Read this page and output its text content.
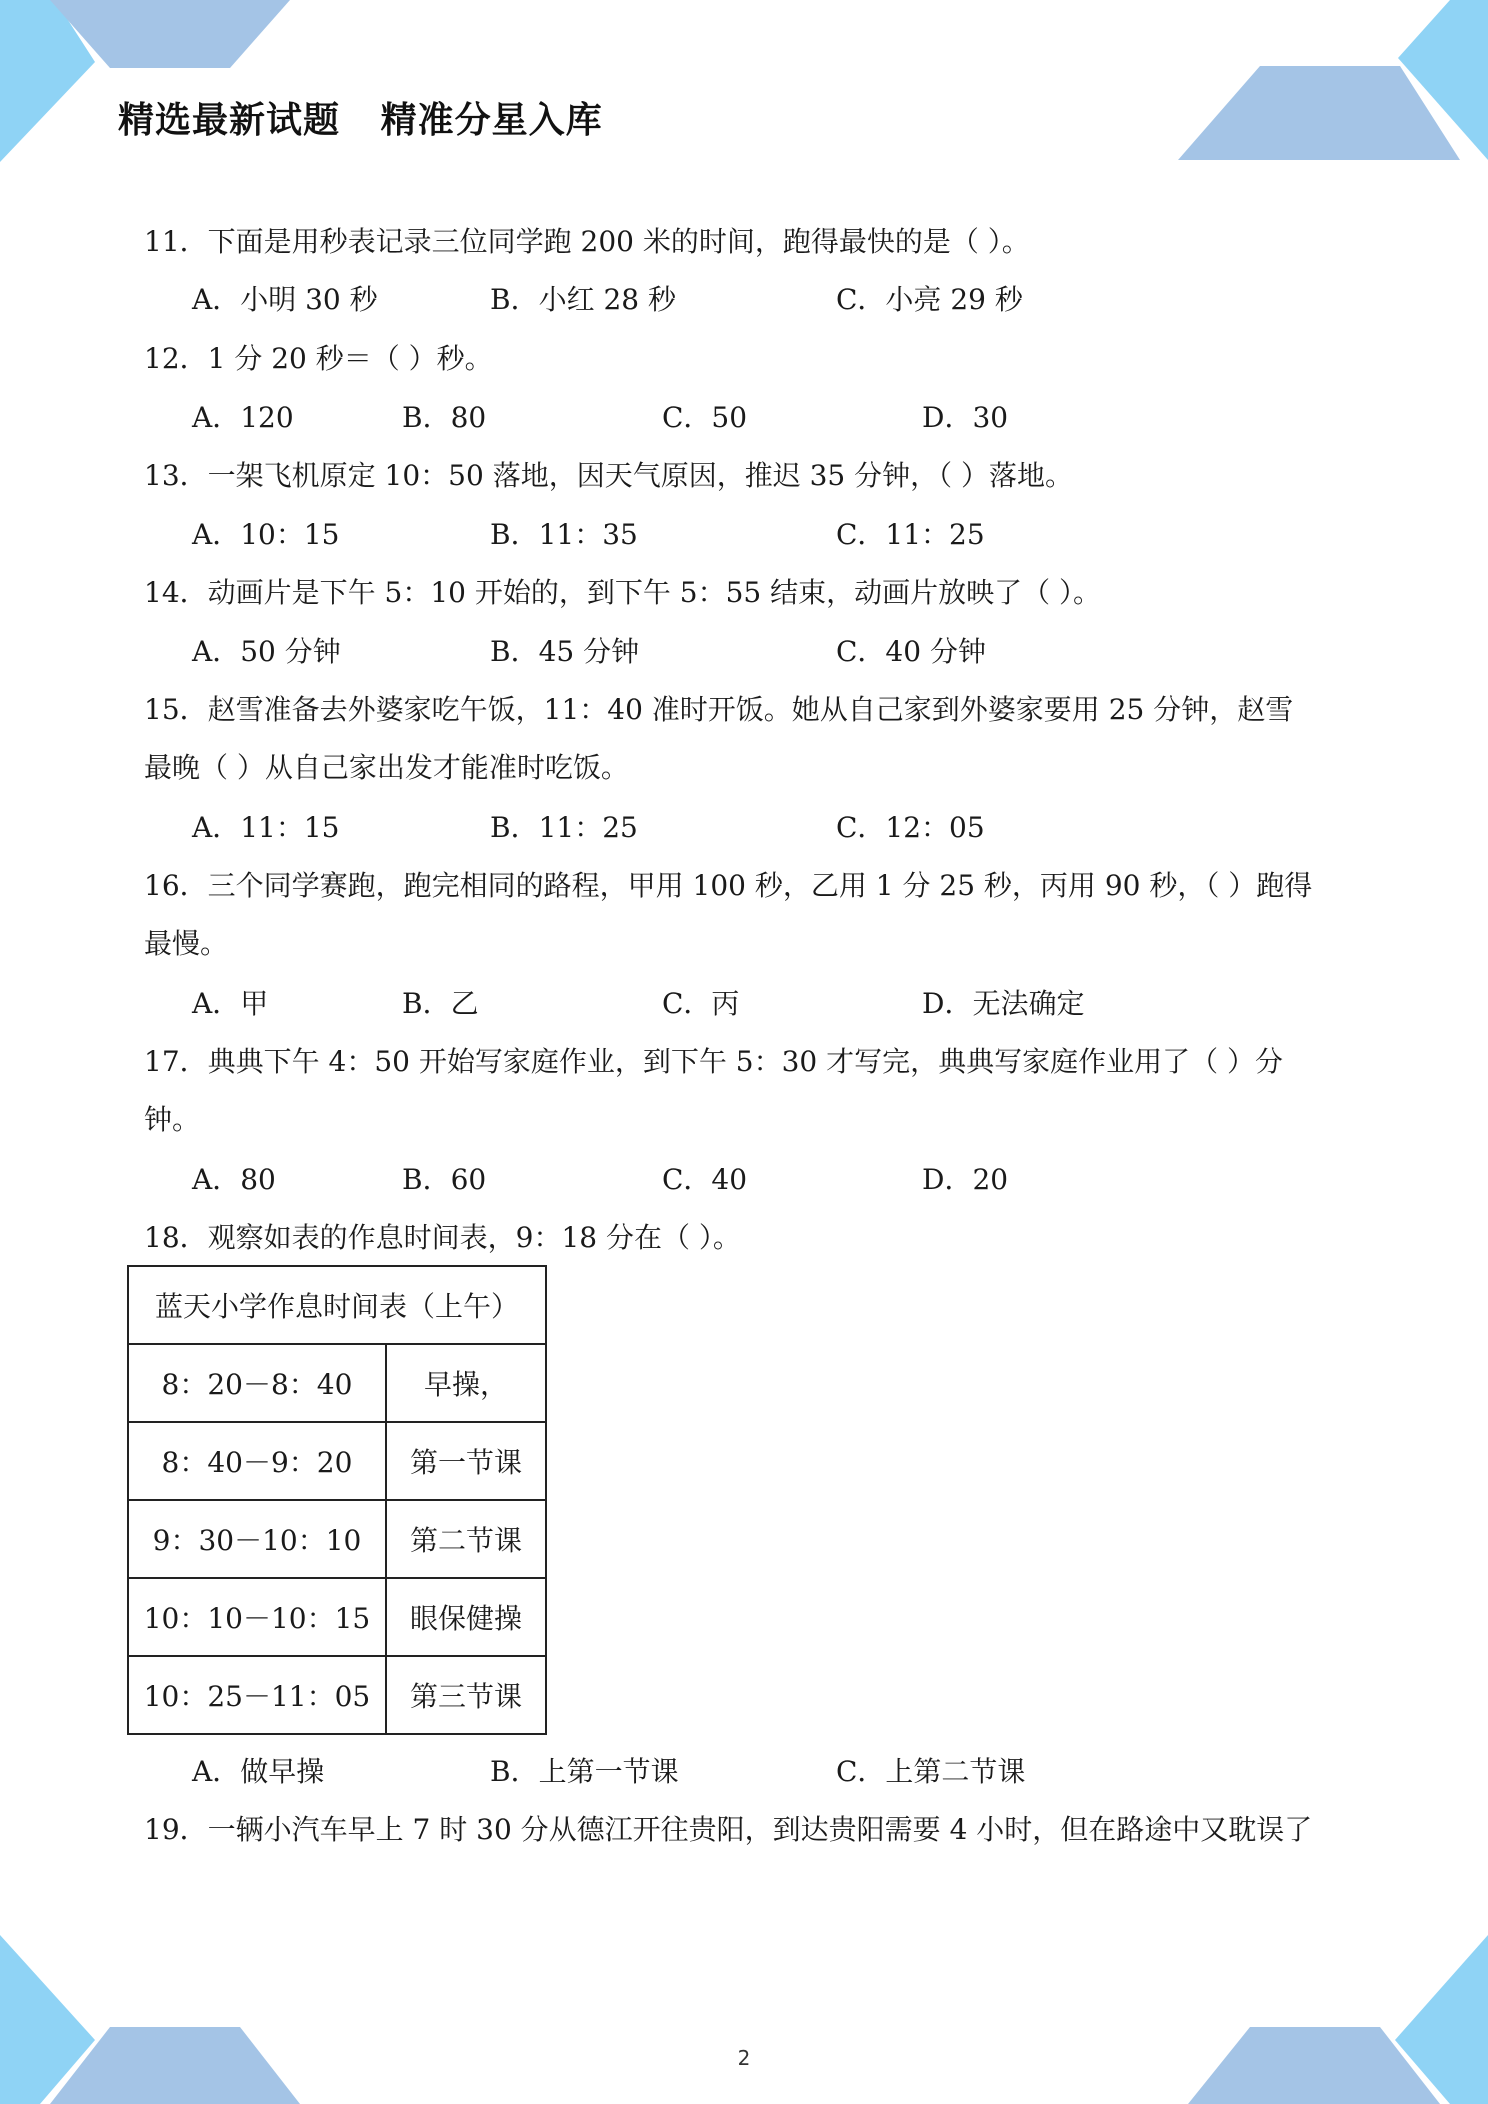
精选最新试题   精准分星入库
11．下面是用秒表记录三位同学跑 200 米的时间，跑得最快的是（ ）。
A．小明 30 秒	B．小红 28 秒	C．小亮 29 秒
12．1 分 20 秒＝（ ）秒。
A．120	B．80	C．50	D．30
13．一架飞机原定 10：50 落地，因天气原因，推迟 35 分钟，（ ）落地。
A．10：15	B．11：35	C．11：25
14．动画片是下午 5：10 开始的，到下午 5：55 结束，动画片放映了（ ）。
A．50 分钟	B．45 分钟	C．40 分钟
15．赵雪准备去外婆家吃午饭，11：40 准时开饭。她从自己家到外婆家要用 25 分钟，赵雪
最晚（ ）从自己家出发才能准时吃饭。
A．11：15	B．11：25	C．12：05
16．三个同学赛跑，跑完相同的路程，甲用 100 秒，乙用 1 分 25 秒，丙用 90 秒，（ ）跑得
最慢。
A．甲	B．乙	C．丙	D．无法确定
17．典典下午 4：50 开始写家庭作业，到下午 5：30 才写完，典典写家庭作业用了（ ）分
钟。
A．80	B．60	C．40	D．20
18．观察如表的作息时间表，9：18 分在（ ）。
蓝天小学作息时间表（上午）	
8：20－8：40	早操，
8：40－9：20	第一节课
9：30－10：10	第二节课
10：10－10：15	眼保健操
10：25－11：05	第三节课
A．做早操	B．上第一节课	C．上第二节课
19．一辆小汽车早上 7 时 30 分从德江开往贵阳，到达贵阳需要 4 小时，但在路途中又耽误了
2
